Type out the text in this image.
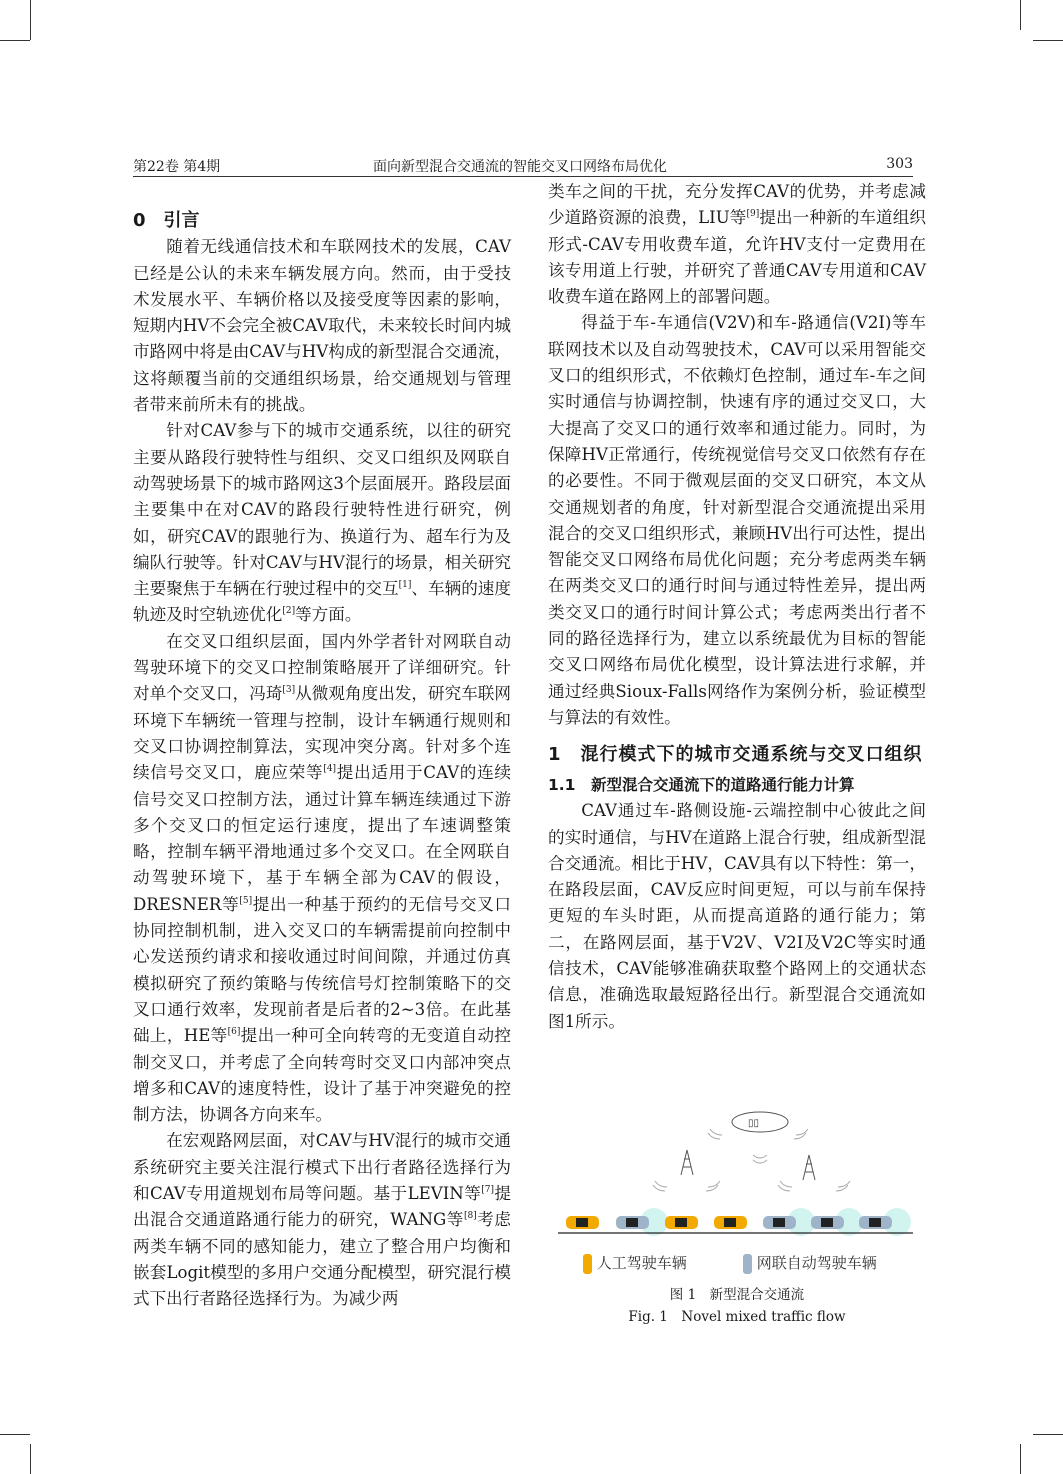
第22卷 第4期	面向新型混合交通流的智能交叉口网络布局优化	303
0　引言

随着无线通信技术和车联网技术的发展，CAV已经是公认的未来车辆发展方向。然而，由于受技术发展水平、车辆价格以及接受度等因素的影响，短期内HV不会完全被CAV取代，未来较长时间内城市路网中将是由CAV与HV构成的新型混合交通流，这将颠覆当前的交通组织场景，给交通规划与管理者带来前所未有的挑战。

针对CAV参与下的城市交通系统，以往的研究主要从路段行驶特性与组织、交叉口组织及网联自动驾驶场景下的城市路网这3个层面展开。路段层面主要集中在对CAV的路段行驶特性进行研究，例如，研究CAV的跟驰行为、换道行为、超车行为及编队行驶等。针对CAV与HV混行的场景，相关研究主要聚焦于车辆在行驶过程中的交互[1]、车辆的速度轨迹及时空轨迹优化[2]等方面。

在交叉口组织层面，国内外学者针对网联自动驾驶环境下的交叉口控制策略展开了详细研究。针对单个交叉口，冯琦[3]从微观角度出发，研究车联网环境下车辆统一管理与控制，设计车辆通行规则和交叉口协调控制算法，实现冲突分离。针对多个连续信号交叉口，鹿应荣等[4]提出适用于CAV的连续信号交叉口控制方法，通过计算车辆连续通过下游多个交叉口的恒定运行速度，提出了车速调整策略，控制车辆平滑地通过多个交叉口。在全网联自动驾驶环境下，基于车辆全部为CAV的假设，DRESNER等[5]提出一种基于预约的无信号交叉口协同控制机制，进入交叉口的车辆需提前向控制中心发送预约请求和接收通过时间间隙，并通过仿真模拟研究了预约策略与传统信号灯控制策略下的交叉口通行效率，发现前者是后者的2~3倍。在此基础上，HE等[6]提出一种可全向转弯的无变道自动控制交叉口，并考虑了全向转弯时交叉口内部冲突点增多和CAV的速度特性，设计了基于冲突避免的控制方法，协调各方向来车。

在宏观路网层面，对CAV与HV混行的城市交通系统研究主要关注混行模式下出行者路径选择行为和CAV专用道规划布局等问题。基于LEVIN等[7]提出混合交通道路通行能力的研究，WANG等[8]考虑两类车辆不同的感知能力，建立了整合用户均衡和嵌套Logit模型的多用户交通分配模型，研究混行模式下出行者路径选择行为。为减少两

类车之间的干扰，充分发挥CAV的优势，并考虑减少道路资源的浪费，LIU等[9]提出一种新的车道组织形式-CAV专用收费车道，允许HV支付一定费用在该专用道上行驶，并研究了普通CAV专用道和CAV收费车道在路网上的部署问题。

得益于车-车通信(V2V)和车-路通信(V2I)等车联网技术以及自动驾驶技术，CAV可以采用智能交叉口的组织形式，不依赖灯色控制，通过车-车之间实时通信与协调控制，快速有序的通过交叉口，大大提高了交叉口的通行效率和通过能力。同时，为保障HV正常通行，传统视觉信号交叉口依然有存在的必要性。不同于微观层面的交叉口研究，本文从交通规划者的角度，针对新型混合交通流提出采用混合的交叉口组织形式，兼顾HV出行可达性，提出智能交叉口网络布局优化问题；充分考虑两类车辆在两类交叉口的通行时间与通过特性差异，提出两类交叉口的通行时间计算公式；考虑两类出行者不同的路径选择行为，建立以系统最优为目标的智能交叉口网络布局优化模型，设计算法进行求解，并通过经典Sioux-Falls网络作为案例分析，验证模型与算法的有效性。

1　混行模式下的城市交通系统与交叉口组织
1.1　新型混合交通流下的道路通行能力计算

CAV通过车-路侧设施-云端控制中心彼此之间的实时通信，与HV在道路上混合行驶，组成新型混合交通流。相比于HV，CAV具有以下特性：第一，在路段层面，CAV反应时间更短，可以与前车保持更短的车头时距，从而提高道路的通行能力；第二，在路网层面，基于V2V、V2I及V2C等实时通信技术，CAV能够准确获取整个路网上的交通状态信息，准确选取最短路径出行。新型混合交通流如图1所示。

▯▯
人工驾驶车辆	网联自动驾驶车辆
图 1　新型混合交通流
Fig. 1　Novel mixed traffic flow
